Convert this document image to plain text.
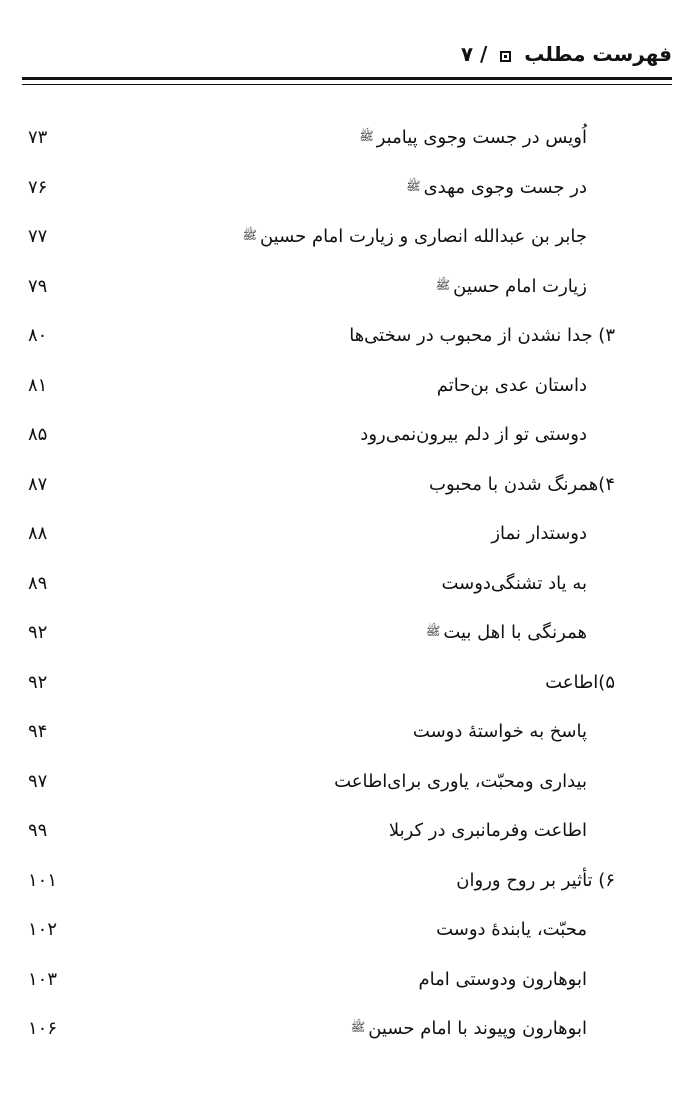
فهرست مطلب  / ۷
اُویس در جست وجوی پیامبرﷺ
۷۳
در جست وجوی مهدیﷺ
۷۶
جابر بن عبدالله انصاری و زیارت امام حسینﷺ
۷۷
زیارت امام حسینﷺ
۷۹
۳) جدا نشدن از محبوب در سختی‌ها
۸۰
داستان عدی بن‌حاتم
۸۱
دوستی تو از دلم بیرون‌نمی‌رود
۸۵
۴)همرنگ شدن با محبوب
۸۷
دوستدار نماز
۸۸
به یاد تشنگی‌دوست
۸۹
همرنگی با اهل بیتﷺ
۹۲
۵)اطاعت
۹۲
پاسخ به خواستهٔ دوست
۹۴
بیداری ومحبّت، یاوری برای‌اطاعت
۹۷
اطاعت وفرمانبری در کربلا
۹۹
۶) تأثیر بر روح وروان
۱۰۱
محبّت، یابندهٔ دوست
۱۰۲
ابوهارون ودوستی امام
۱۰۳
ابوهارون وپیوند با امام حسینﷺ
۱۰۶
